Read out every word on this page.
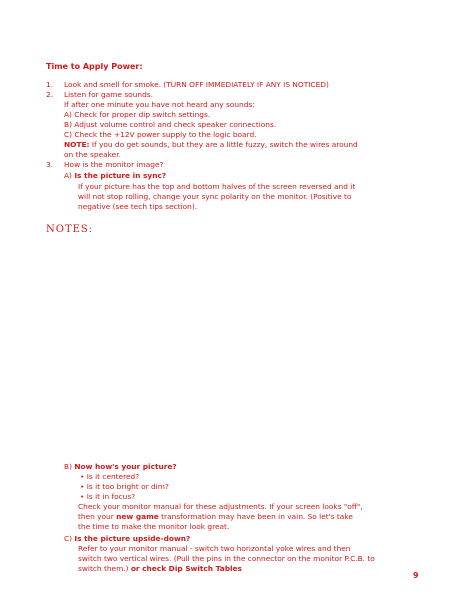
Time to Apply Power:
1. Look and smell for smoke. (TURN OFF IMMEDIATELY IF ANY IS NOTICED)
2. Listen for game sounds.
If after one minute you have not heard any sounds:
A) Check for proper dip switch settings.
B) Adjust volume control and check speaker connections.
C) Check the +12V power supply to the logic board.
NOTE: If you do get sounds, but they are a little fuzzy, switch the wires around
on the speaker.
3. How is the monitor image?
A) Is the picture in sync?
If your picture has the top and bottom halves of the screen reversed and it
will not stop rolling, change your sync polarity on the monitor. (Positive to
negative (see tech tips section).
NOTES:
B) Now how's your picture?
• Is it centered?
• Is it too bright or dim?
• Is it in focus?
Check your monitor manual for these adjustments. If your screen looks "off",
then your new game transformation may have been in vain. So let's take
the time to make the monitor look great.
C) Is the picture upside-down?
Refer to your monitor manual - switch two horizontal yoke wires and then
switch two vertical wires. (Pull the pins in the connector on the monitor P.C.B. to
switch them.) or check Dip Switch Tables
9
